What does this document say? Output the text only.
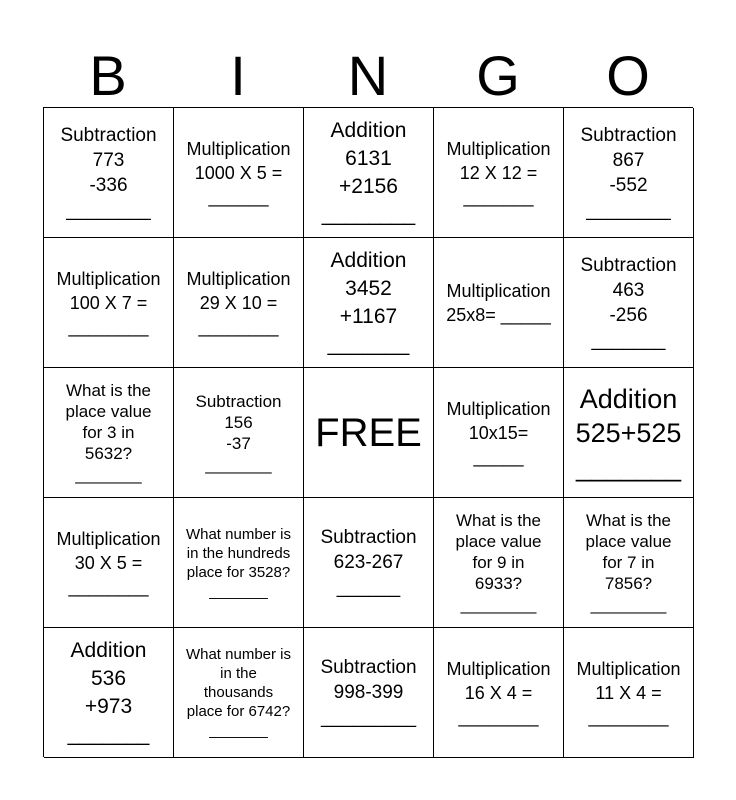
B	I	N	G	O
Subtraction
773
-336
________
Multiplication
1000 X 5 =
______
Addition
6131
+2156
________
Multiplication
12 X 12 =
_______
Subtraction
867
-552
________
Multiplication
100 X 7 =
________
Multiplication
29 X 10 =
________
Addition
3452
+1167
_______
Multiplication
25x8= _____
Subtraction
463
-256
_______
What is the
place value
for 3 in
5632?
_______
Subtraction
156
-37
_______
FREE
Multiplication
10x15=
_____
Addition
525+525
_______
Multiplication
30 X 5 =
________
What number is
in the hundreds
place for 3528?
_______
Subtraction
623-267
______
What is the
place value
for 9 in
6933?
________
What is the
place value
for 7 in
7856?
________
Addition
536
+973
_______
What number is
in the
thousands
place for 6742?
_______
Subtraction
998-399
_________
Multiplication
16 X 4 =
________
Multiplication
11 X 4 =
________
